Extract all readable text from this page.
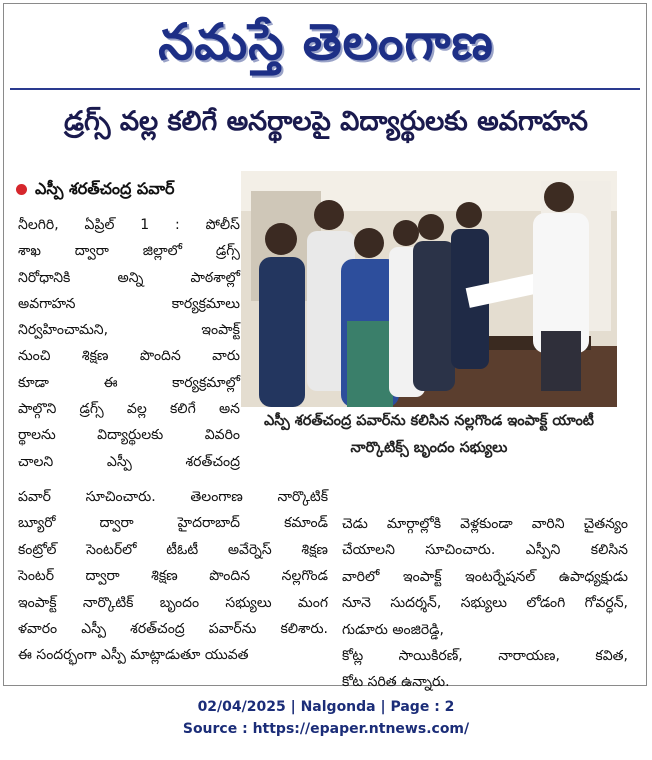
నమస్తే తెలంగాణ
డ్రగ్స్ వల్ల కలిగే అనర్థాలపై విద్యార్థులకు అవగాహన
ఎస్పీ శరత్‌చంద్ర పవార్

నీలగిరి, ఏప్రిల్ 1 : పోలీస్

శాఖ ద్వారా జిల్లాలో డ్రగ్స్

నిరోధానికి అన్ని పాఠశాల్లో

అవగాహన కార్యక్రమాలు

నిర్వహించామని, ఇంపాక్ట్

నుంచి శిక్షణ పొందిన వారు

కూడా ఈ కార్యక్రమాల్లో

పాల్గొని డ్రగ్స్ వల్ల కలిగే అన

ర్థాలను విద్యార్థులకు వివరిం

చాలని ఎస్పీ శరత్‌చంద్ర

ఎస్పీ శరత్‌చంద్ర పవార్‌ను కలిసిన నల్లగొండ ఇంపాక్ట్ యాంటీ నార్కొటిక్స్ బృందం సభ్యులు

పవార్ సూచించారు. తెలంగాణ నార్కొటిక్

బ్యూరో ద్వారా హైదరాబాద్ కమాండ్

కంట్రోల్ సెంటర్‌లో టీఓటీ అవేర్నెస్ శిక్షణ

సెంటర్ ద్వారా శిక్షణ పొందిన నల్లగొండ

ఇంపాక్ట్ నార్కొటిక్ బృందం సభ్యులు మంగ

ళవారం ఎస్పీ శరత్‌చంద్ర పవార్‌ను కలిశారు.

ఈ సందర్భంగా ఎస్పీ మాట్లాడుతూ యువత

చెడు మార్గాల్లోకి వెళ్లకుండా వారిని చైతన్యం

చేయాలని సూచించారు. ఎస్పీని కలిసిన

వారిలో ఇంపాక్ట్ ఇంటర్నేషనల్ ఉపాధ్యక్షుడు

నూనె సుదర్శన్, సభ్యులు లోడంగి గోవర్ధన్,

గుడూరు అంజిరెడ్డి,

కోట్ల సాయికిరణ్, నారాయణ, కవిత,

కోట సరిత ఉన్నారు.

02/04/2025 | Nalgonda | Page : 2
Source : https://epaper.ntnews.com/
